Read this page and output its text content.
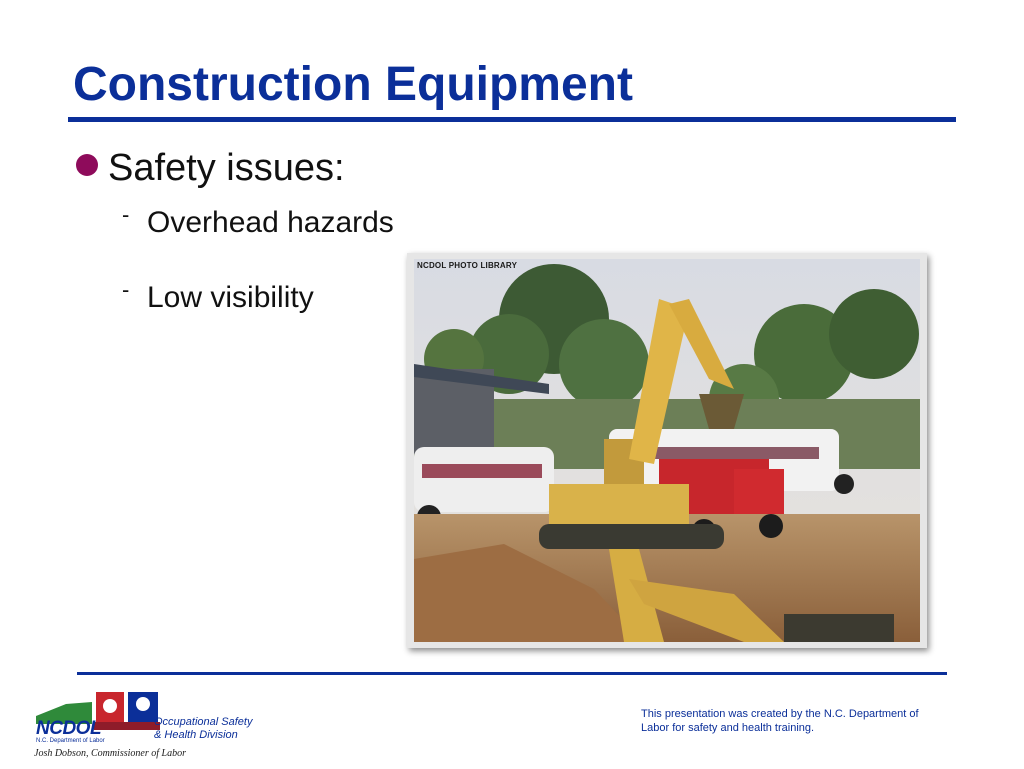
Construction Equipment
Safety issues:
- Overhead hazards
- Low visibility
NCDOL PHOTO LIBRARY
NCDOL
N.C. Department of Labor
Occupational Safety
& Health Division
Josh Dobson, Commissioner of Labor
This presentation was created by the N.C. Department of Labor for safety and health training.
